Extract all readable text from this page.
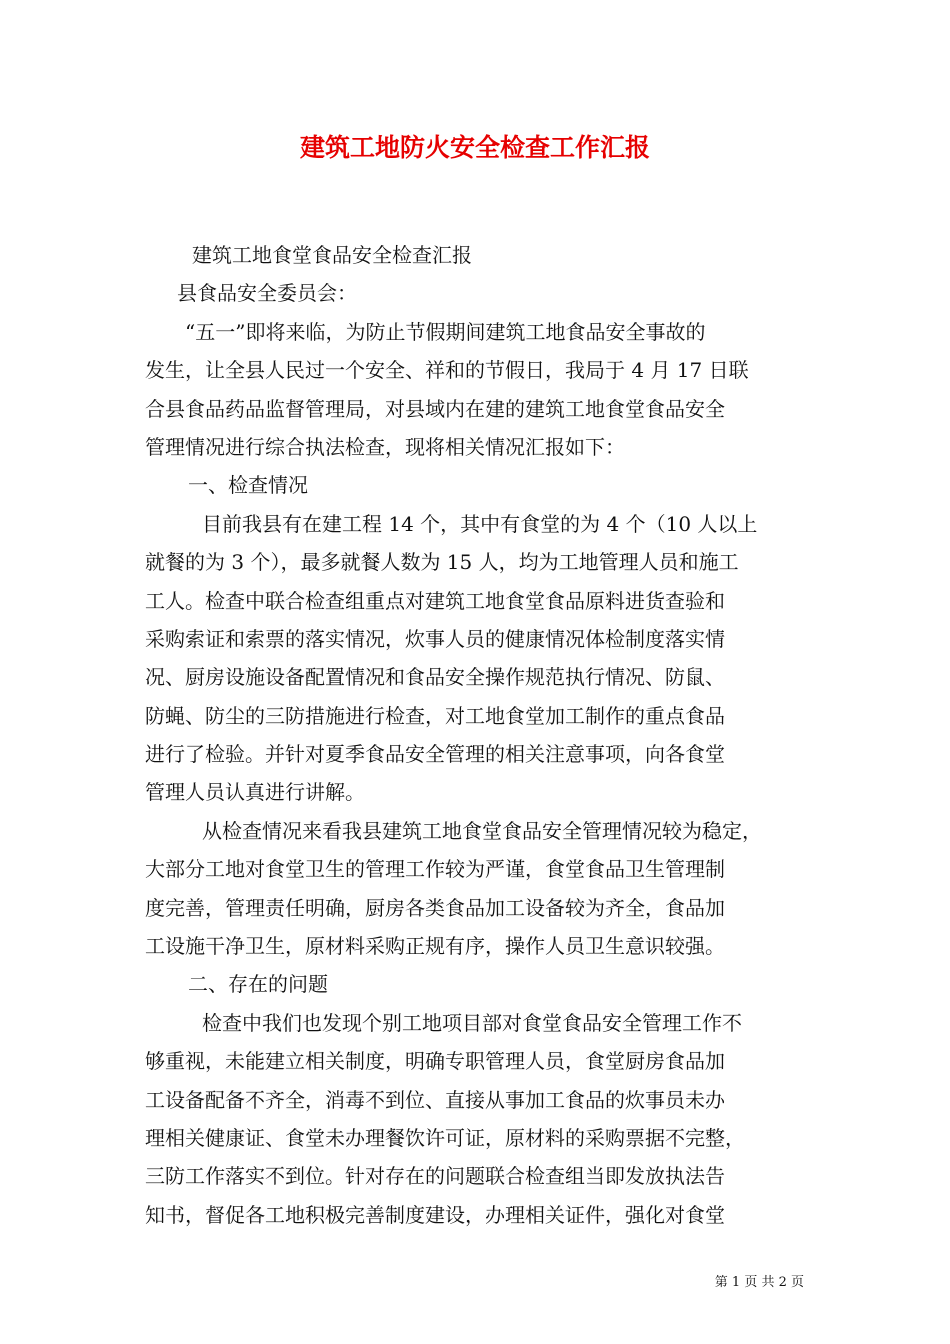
建筑工地防火安全检查工作汇报
建筑工地食堂食品安全检查汇报
县食品安全委员会：
“五一”即将来临，为防止节假期间建筑工地食品安全事故的
发生，让全县人民过一个安全、祥和的节假日，我局于 4 月 17 日联
合县食品药品监督管理局，对县域内在建的建筑工地食堂食品安全
管理情况进行综合执法检查，现将相关情况汇报如下：
一、检查情况
目前我县有在建工程 14 个，其中有食堂的为 4 个（10 人以上
就餐的为 3 个），最多就餐人数为 15 人，均为工地管理人员和施工
工人。检查中联合检查组重点对建筑工地食堂食品原料进货查验和
采购索证和索票的落实情况，炊事人员的健康情况体检制度落实情
况、厨房设施设备配置情况和食品安全操作规范执行情况、防鼠、
防蝇、防尘的三防措施进行检查，对工地食堂加工制作的重点食品
进行了检验。并针对夏季食品安全管理的相关注意事项，向各食堂
管理人员认真进行讲解。
从检查情况来看我县建筑工地食堂食品安全管理情况较为稳定，
大部分工地对食堂卫生的管理工作较为严谨，食堂食品卫生管理制
度完善，管理责任明确，厨房各类食品加工设备较为齐全，食品加
工设施干净卫生，原材料采购正规有序，操作人员卫生意识较强。
二、存在的问题
检查中我们也发现个别工地项目部对食堂食品安全管理工作不
够重视，未能建立相关制度，明确专职管理人员，食堂厨房食品加
工设备配备不齐全，消毒不到位、直接从事加工食品的炊事员未办
理相关健康证、食堂未办理餐饮许可证，原材料的采购票据不完整，
三防工作落实不到位。针对存在的问题联合检查组当即发放执法告
知书，督促各工地积极完善制度建设，办理相关证件，强化对食堂
第 1 页 共 2 页
